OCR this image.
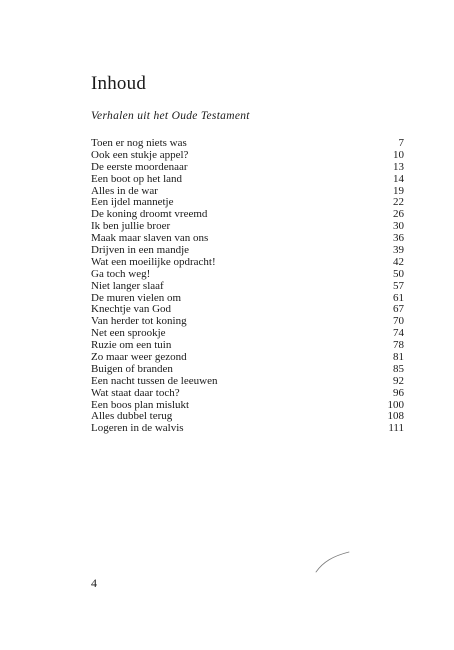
Inhoud
Verhalen uit het Oude Testament
Toen er nog niets was	7
Ook een stukje appel?	10
De eerste moordenaar	13
Een boot op het land	14
Alles in de war	19
Een ijdel mannetje	22
De koning droomt vreemd	26
Ik ben jullie broer	30
Maak maar slaven van ons	36
Drijven in een mandje	39
Wat een moeilijke opdracht!	42
Ga toch weg!	50
Niet langer slaaf	57
De muren vielen om	61
Knechtje van God	67
Van herder tot koning	70
Net een sprookje	74
Ruzie om een tuin	78
Zo maar weer gezond	81
Buigen of branden	85
Een nacht tussen de leeuwen	92
Wat staat daar toch?	96
Een boos plan mislukt	100
Alles dubbel terug	108
Logeren in de walvis	111
4
